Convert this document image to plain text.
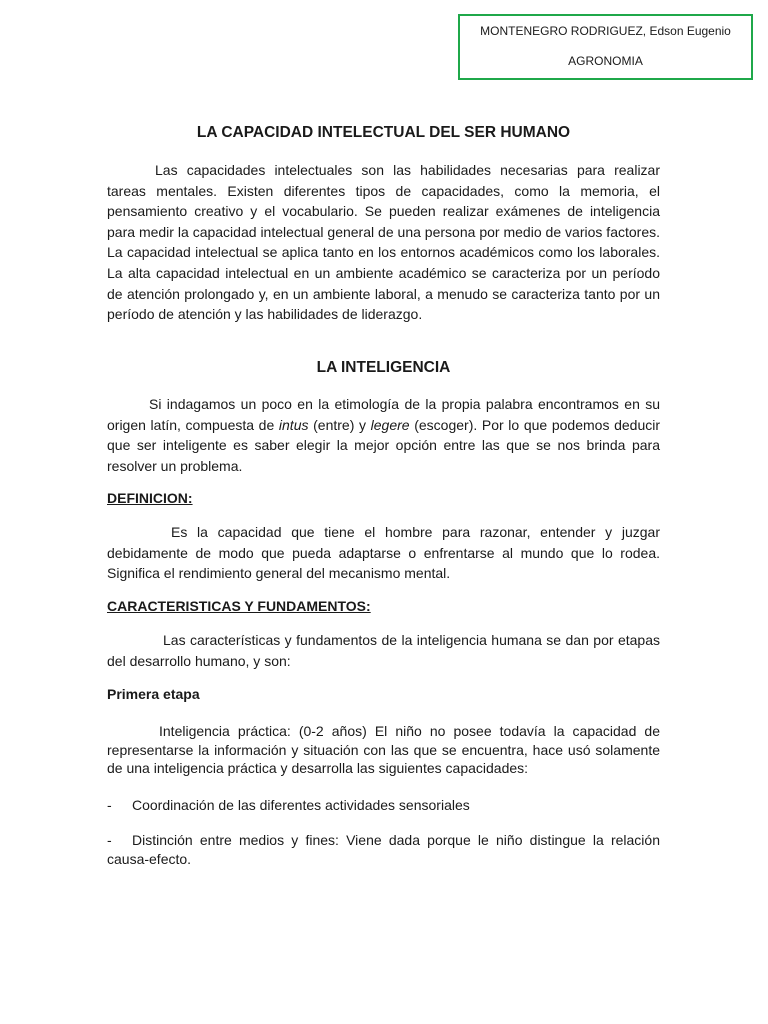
MONTENEGRO RODRIGUEZ, Edson Eugenio
AGRONOMIA
LA CAPACIDAD INTELECTUAL DEL SER HUMANO
Las capacidades intelectuales son las habilidades necesarias para realizar tareas mentales. Existen diferentes tipos de capacidades, como la memoria, el pensamiento creativo y el vocabulario. Se pueden realizar exámenes de inteligencia para medir la capacidad intelectual general de una persona por medio de varios factores. La capacidad intelectual se aplica tanto en los entornos académicos como los laborales. La alta capacidad intelectual en un ambiente académico se caracteriza por un período de atención prolongado y, en un ambiente laboral, a menudo se caracteriza tanto por un período de atención y las habilidades de liderazgo.
LA INTELIGENCIA
Si indagamos un poco en la etimología de la propia palabra encontramos en su origen latín, compuesta de intus (entre) y legere (escoger). Por lo que podemos deducir que ser inteligente es saber elegir la mejor opción entre las que se nos brinda para resolver un problema.
DEFINICION:
Es la capacidad que tiene el hombre para razonar, entender y juzgar debidamente de modo que pueda adaptarse o enfrentarse al mundo que lo rodea. Significa el rendimiento general del mecanismo mental.
CARACTERISTICAS Y FUNDAMENTOS:
Las características y fundamentos de la inteligencia humana se dan por etapas del desarrollo humano, y son:
Primera etapa
Inteligencia práctica: (0-2 años) El niño no posee todavía la capacidad de representarse la información y situación con las que se encuentra, hace usó solamente de una inteligencia práctica y desarrolla las siguientes capacidades:
- Coordinación de las diferentes actividades sensoriales
- Distinción entre medios y fines: Viene dada porque le niño distingue la relación causa-efecto.
